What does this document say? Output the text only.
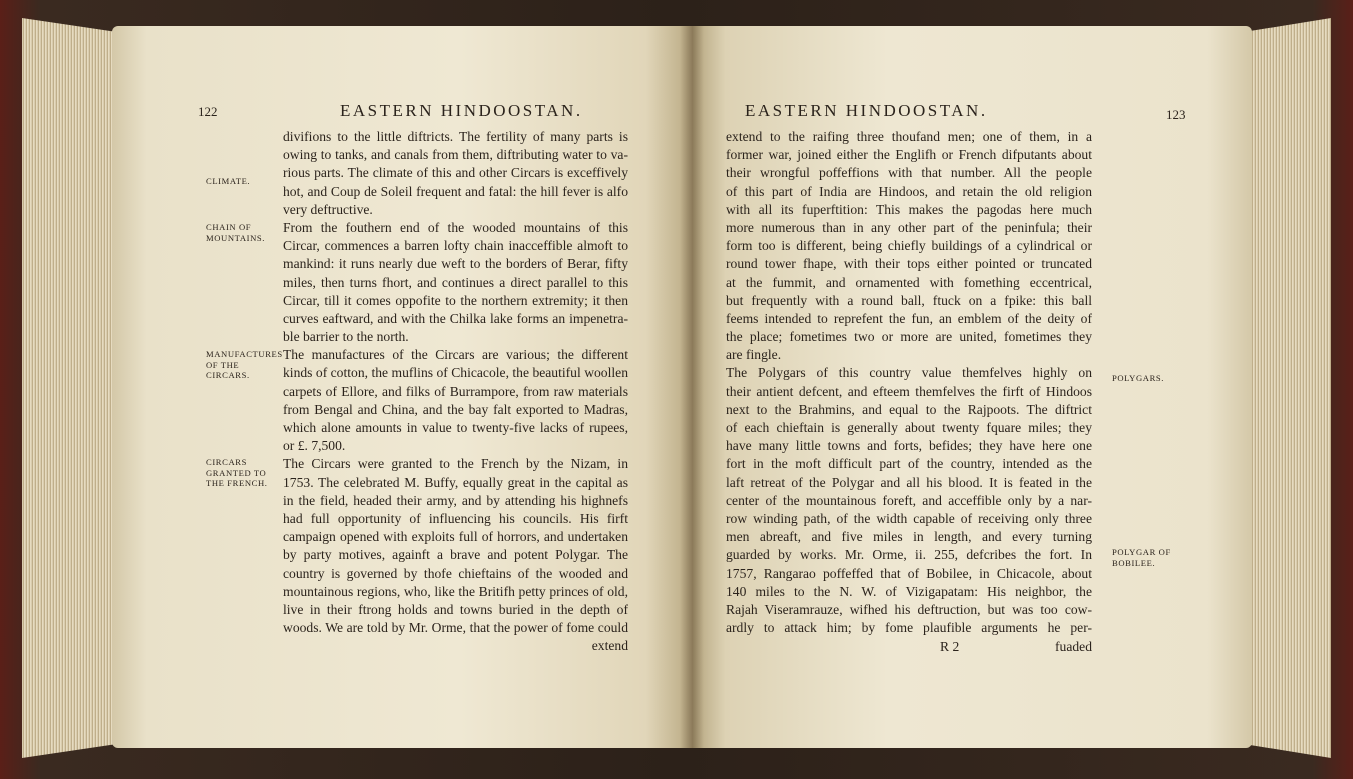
122	EASTERN HINDOOSTAN.
divifions to the little diftricts. The fertility of many parts is
owing to tanks, and canals from them, diftributing water to va-
rious parts. The climate of this and other Circars is exceffively
hot, and Coup de Soleil frequent and fatal: the hill fever is alfo
very deftructive.
From the fouthern end of the wooded mountains of this
Circar, commences a barren lofty chain inacceffible almoft to
mankind: it runs nearly due weft to the borders of Berar, fifty
miles, then turns fhort, and continues a direct parallel to this
Circar, till it comes oppofite to the northern extremity; it then
curves eaftward, and with the Chilka lake forms an impenetra-
ble barrier to the north.
The manufactures of the Circars are various; the different
kinds of cotton, the muflins of Chicacole, the beautiful woollen
carpets of Ellore, and filks of Burrampore, from raw materials
from Bengal and China, and the bay falt exported to Madras,
which alone amounts in value to twenty-five lacks of rupees,
or £. 7,500.
The Circars were granted to the French by the Nizam, in
1753. The celebrated M. Buffy, equally great in the capital as
in the field, headed their army, and by attending his highnefs
had full opportunity of influencing his councils. His firft
campaign opened with exploits full of horrors, and undertaken
by party motives, againft a brave and potent Polygar. The
country is governed by thofe chieftains of the wooded and
mountainous regions, who, like the Britifh petty princes of old,
live in their ftrong holds and towns buried in the depth of
woods. We are told by Mr. Orme, that the power of fome could
extend
CLIMATE.
CHAIN OF MOUNTAINS.
MANUFACTURES OF THE CIRCARS.
CIRCARS GRANTED TO THE FRENCH.
EASTERN HINDOOSTAN.	123
extend to the raifing three thoufand men; one of them, in a
former war, joined either the Englifh or French difputants about
their wrongful poffeffions with that number. All the people
of this part of India are Hindoos, and retain the old religion
with all its fuperftition: This makes the pagodas here much
more numerous than in any other part of the peninfula; their
form too is different, being chiefly buildings of a cylindrical or
round tower fhape, with their tops either pointed or truncated
at the fummit, and ornamented with fomething eccentrical,
but frequently with a round ball, ftuck on a fpike: this ball
feems intended to reprefent the fun, an emblem of the deity of
the place; fometimes two or more are united, fometimes they
are fingle.
The Polygars of this country value themfelves highly on
their antient defcent, and efteem themfelves the firft of Hindoos
next to the Brahmins, and equal to the Rajpoots. The diftrict
of each chieftain is generally about twenty fquare miles; they
have many little towns and forts, befides; they have here one
fort in the moft difficult part of the country, intended as the
laft retreat of the Polygar and all his blood. It is feated in the
center of the mountainous foreft, and acceffible only by a nar-
row winding path, of the width capable of receiving only three
men abreaft, and five miles in length, and every turning
guarded by works. Mr. Orme, ii. 255, defcribes the fort. In
1757, Rangarao poffeffed that of Bobilee, in Chicacole, about
140 miles to the N. W. of Vizigapatam: His neighbor, the
Rajah Viseramrauze, wifhed his deftruction, but was too cow-
ardly to attack him; by fome plaufible arguments he per-
POLYGARS.
POLYGAR OF BOBILEE.
R 2	fuaded
